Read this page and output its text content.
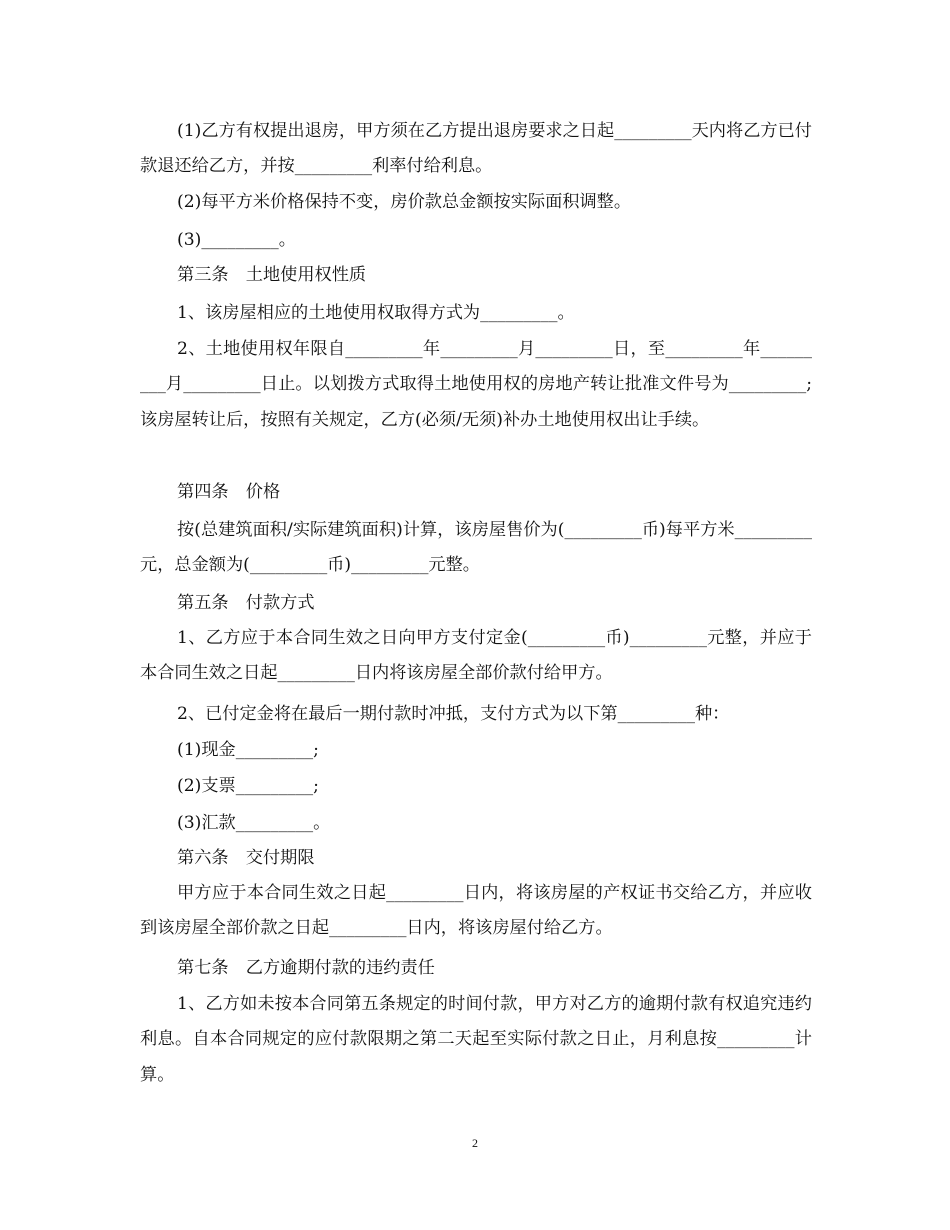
(1)乙方有权提出退房，甲方须在乙方提出退房要求之日起_________天内将乙方已付款退还给乙方，并按_________利率付给利息。
(2)每平方米价格保持不变，房价款总金额按实际面积调整。
(3)_________。
第三条　土地使用权性质
1、该房屋相应的土地使用权取得方式为_________。
2、土地使用权年限自_________年_________月_________日，至_________年_________月_________日止。以划拨方式取得土地使用权的房地产转让批准文件号为_________;该房屋转让后，按照有关规定，乙方(必须/无须)补办土地使用权出让手续。
第四条　价格
按(总建筑面积/实际建筑面积)计算，该房屋售价为(_________币)每平方米_________元，总金额为(_________币)_________元整。
第五条　付款方式
1、乙方应于本合同生效之日向甲方支付定金(_________币)_________元整，并应于本合同生效之日起_________日内将该房屋全部价款付给甲方。
2、已付定金将在最后一期付款时冲抵，支付方式为以下第_________种：
(1)现金_________;
(2)支票_________;
(3)汇款_________。
第六条　交付期限
甲方应于本合同生效之日起_________日内，将该房屋的产权证书交给乙方，并应收到该房屋全部价款之日起_________日内，将该房屋付给乙方。
第七条　乙方逾期付款的违约责任
1、乙方如未按本合同第五条规定的时间付款，甲方对乙方的逾期付款有权追究违约利息。自本合同规定的应付款限期之第二天起至实际付款之日止，月利息按_________计算。
2
